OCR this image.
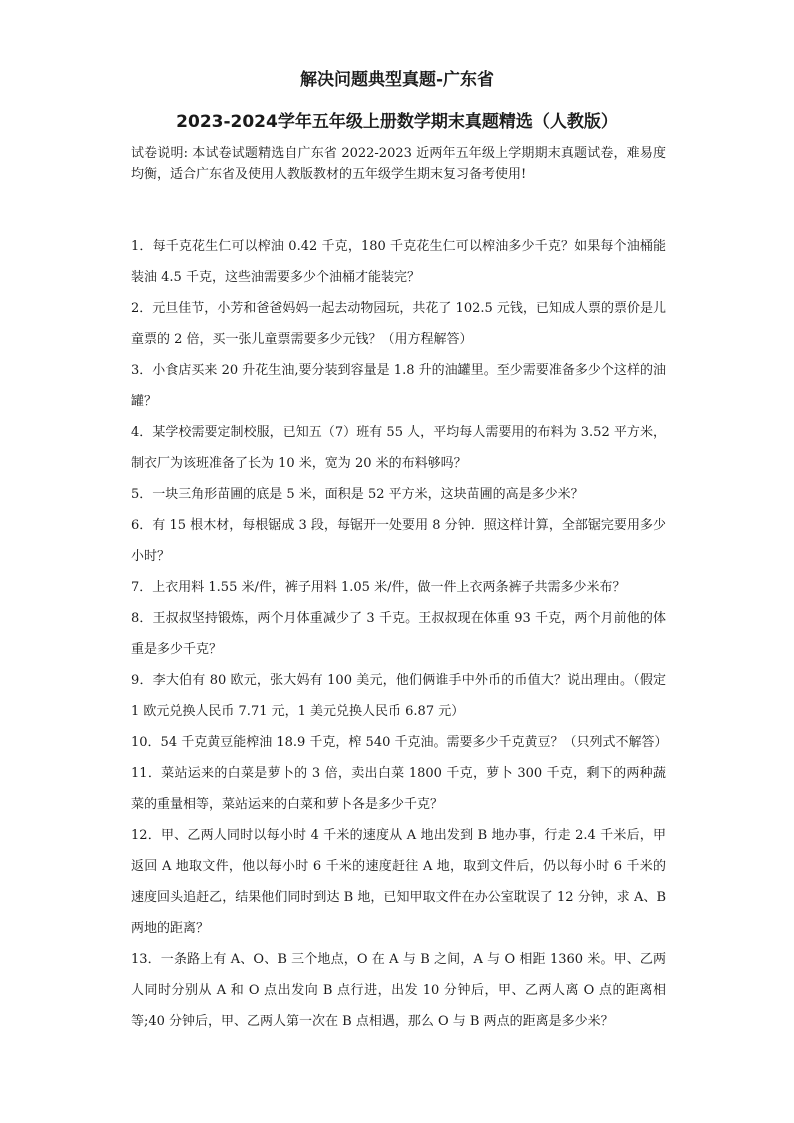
解决问题典型真题-广东省
2023-2024学年五年级上册数学期末真题精选（人教版）
试卷说明: 本试卷试题精选自广东省 2022-2023 近两年五年级上学期期末真题试卷，难易度均衡，适合广东省及使用人教版教材的五年级学生期末复习备考使用!
1．每千克花生仁可以榨油 0.42 千克，180 千克花生仁可以榨油多少千克？如果每个油桶能装油 4.5 千克，这些油需要多少个油桶才能装完？
2．元旦佳节，小芳和爸爸妈妈一起去动物园玩，共花了 102.5 元钱，已知成人票的票价是儿童票的 2 倍，买一张儿童票需要多少元钱？（用方程解答）
3．小食店买来 20 升花生油,要分装到容量是 1.8 升的油罐里。至少需要准备多少个这样的油罐？
4．某学校需要定制校服，已知五（7）班有 55 人，平均每人需要用的布料为 3.52 平方米，制衣厂为该班准备了长为 10 米，宽为 20 米的布料够吗？
5．一块三角形苗圃的底是 5 米，面积是 52 平方米，这块苗圃的高是多少米？
6．有 15 根木材，每根锯成 3 段，每锯开一处要用 8 分钟．照这样计算，全部锯完要用多少小时？
7．上衣用料 1.55 米/件，裤子用料 1.05 米/件，做一件上衣两条裤子共需多少米布？
8．王叔叔坚持锻炼，两个月体重减少了 3 千克。王叔叔现在体重 93 千克，两个月前他的体重是多少千克？
9．李大伯有 80 欧元，张大妈有 100 美元，他们俩谁手中外币的币值大？说出理由。（假定 1 欧元兑换人民币 7.71 元，1 美元兑换人民币 6.87 元）
10．54 千克黄豆能榨油 18.9 千克，榨 540 千克油。需要多少千克黄豆？（只列式不解答）
11．菜站运来的白菜是萝卜的 3 倍，卖出白菜 1800 千克，萝卜 300 千克，剩下的两种蔬菜的重量相等，菜站运来的白菜和萝卜各是多少千克？
12．甲、乙两人同时以每小时 4 千米的速度从 A 地出发到 B 地办事，行走 2.4 千米后，甲返回 A 地取文件，他以每小时 6 千米的速度赶往 A 地，取到文件后，仍以每小时 6 千米的速度回头追赶乙，结果他们同时到达 B 地，已知甲取文件在办公室耽误了 12 分钟，求 A、B 两地的距离？
13．一条路上有 A、O、B 三个地点，O 在 A 与 B 之间，A 与 O 相距 1360 米。甲、乙两人同时分别从 A 和 O 点出发向 B 点行进，出发 10 分钟后，甲、乙两人离 O 点的距离相等;40 分钟后，甲、乙两人第一次在 B 点相遇，那么 O 与 B 两点的距离是多少米？
